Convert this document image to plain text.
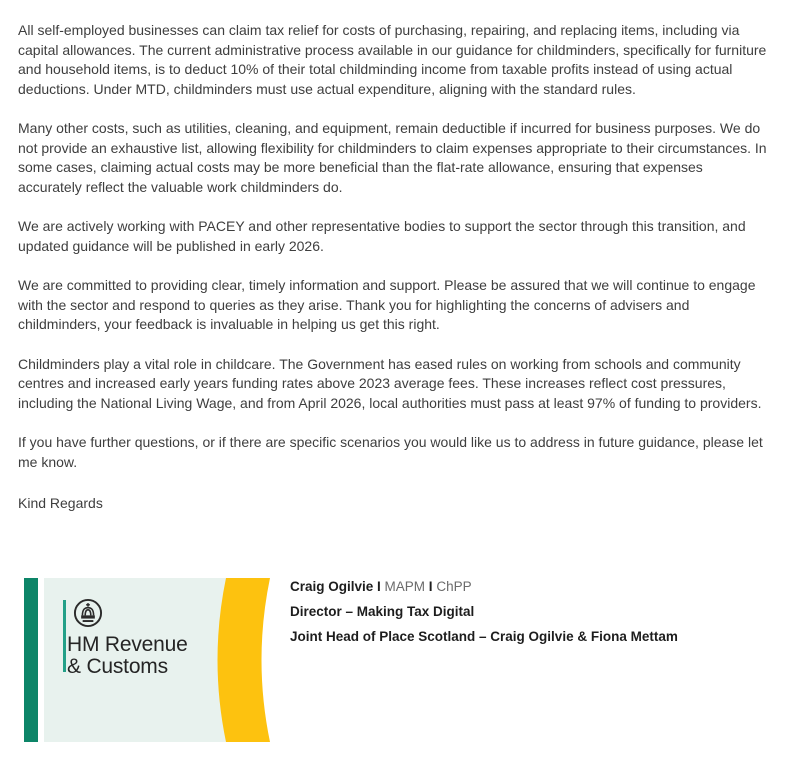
All self-employed businesses can claim tax relief for costs of purchasing, repairing, and replacing items, including via capital allowances. The current administrative process available in our guidance for childminders, specifically for furniture and household items, is to deduct 10% of their total childminding income from taxable profits instead of using actual deductions. Under MTD, childminders must use actual expenditure, aligning with the standard rules.

Many other costs, such as utilities, cleaning, and equipment, remain deductible if incurred for business purposes. We do not provide an exhaustive list, allowing flexibility for childminders to claim expenses appropriate to their circumstances. In some cases, claiming actual costs may be more beneficial than the flat-rate allowance, ensuring that expenses accurately reflect the valuable work childminders do.

We are actively working with PACEY and other representative bodies to support the sector through this transition, and updated guidance will be published in early 2026.

We are committed to providing clear, timely information and support. Please be assured that we will continue to engage with the sector and respond to queries as they arise. Thank you for highlighting the concerns of advisers and childminders, your feedback is invaluable in helping us get this right.

Childminders play a vital role in childcare. The Government has eased rules on working from schools and community centres and increased early years funding rates above 2023 average fees. These increases reflect cost pressures, including the National Living Wage, and from April 2026, local authorities must pass at least 97% of funding to providers.

If you have further questions, or if there are specific scenarios you would like us to address in future guidance, please let me know.

Kind Regards

HM Revenue
& Customs
Craig Ogilvie I MAPM I ChPP
Director – Making Tax Digital
Joint Head of Place Scotland – Craig Ogilvie & Fiona Mettam
